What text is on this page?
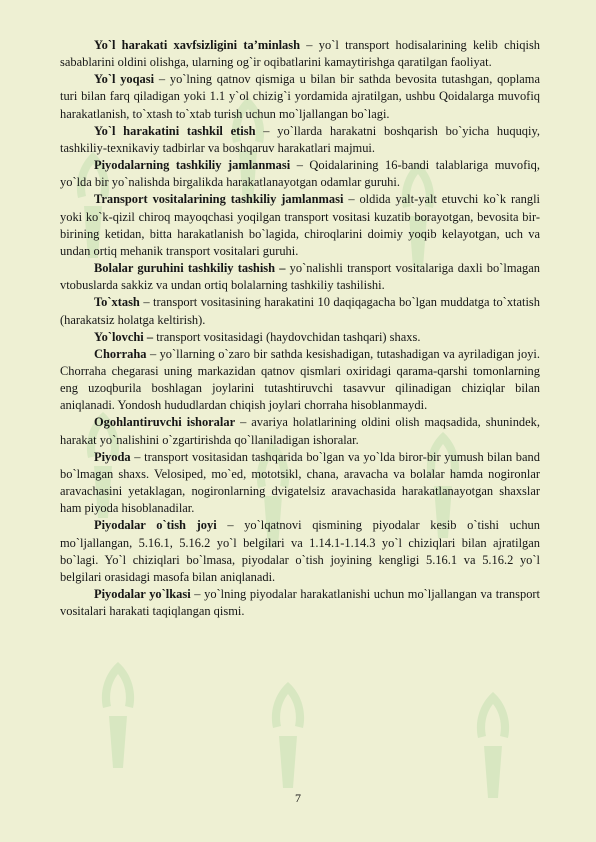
Yo`l harakati xavfsizligini ta’minlash – yo`l transport hodisalarining kelib chiqish sabablarini oldini olishga, ularning og`ir oqibatlarini kamaytirishga qaratilgan faoliyat.

Yo`l yoqasi – yo`lning qatnov qismiga u bilan bir sathda bevosita tutashgan, qoplama turi bilan farq qiladigan yoki 1.1 y`ol chizig`i yordamida ajratilgan, ushbu Qoidalarga muvofiq harakatlanish, to`xtash to`xtab turish uchun mo`ljallangan bo`lagi.

Yo`l harakatini tashkil etish – yo`llarda harakatni boshqarish bo`yicha huquqiy, tashkiliy-texnikaviy tadbirlar va boshqaruv harakatlari majmui.

Piyodalarning tashkiliy jamlanmasi – Qoidalarining 16-bandi talablariga muvofiq, yo`lda bir yo`nalishda birgalikda harakatlanayotgan odamlar guruhi.

Transport vositalarining tashkiliy jamlanmasi – oldida yalt-yalt etuvchi ko`k rangli yoki ko`k-qizil chiroq mayoqchasi yoqilgan transport vositasi kuzatib borayotgan, bevosita bir-birining ketidan, bitta harakatlanish bo`lagida, chiroqlarini doimiy yoqib kelayotgan, uch va undan ortiq mehanik transport vositalari guruhi.

Bolalar guruhini tashkiliy tashish – yo`nalishli transport vositalariga daxli bo`lmagan vtobuslarda sakkiz va undan ortiq bolalarning tashkiliy tashilishi.

To`xtash – transport vositasining harakatini 10 daqiqagacha bo`lgan muddatga to`xtatish (harakatsiz holatga keltirish).

Yo`lovchi – transport vositasidagi (haydovchidan tashqari) shaxs.

Chorraha – yo`llarning o`zaro bir sathda kesishadigan, tutashadigan va ayriladigan joyi. Chorraha chegarasi uning markazidan qatnov qismlari oxiridagi qarama-qarshi tomonlarning eng uzoqburila boshlagan joylarini tutashtiruvchi tasavvur qilinadigan chiziqlar bilan aniqlanadi. Yondosh hududlardan chiqish joylari chorraha hisoblanmaydi.

Ogohlantiruvchi ishoralar – avariya holatlarining oldini olish maqsadida, shunindek, harakat yo`nalishini o`zgartirishda qo`llaniladigan ishoralar.

Piyoda – transport vositasidan tashqarida bo`lgan va yo`lda biror-bir yumush bilan band bo`lmagan shaxs. Velosiped, mo`ed, mototsikl, chana, aravacha va bolalar hamda nogironlar aravachasini yetaklagan, nogironlarning dvigatelsiz aravachasida harakatlanayotgan shaxslar ham piyoda hisoblanadilar.

Piyodalar o`tish joyi – yo`lqatnovi qismining piyodalar kesib o`tishi uchun mo`ljallangan, 5.16.1, 5.16.2 yo`l belgilari va 1.14.1-1.14.3 yo`l chiziqlari bilan ajratilgan bo`lagi. Yo`l chiziqlari bo`lmasa, piyodalar o`tish joyining kengligi 5.16.1 va 5.16.2 yo`l belgilari orasidagi masofa bilan aniqlanadi.

Piyodalar yo`lkasi – yo`lning piyodalar harakatlanishi uchun mo`ljallangan va transport vositalari harakati taqiqlangan qismi.

7
